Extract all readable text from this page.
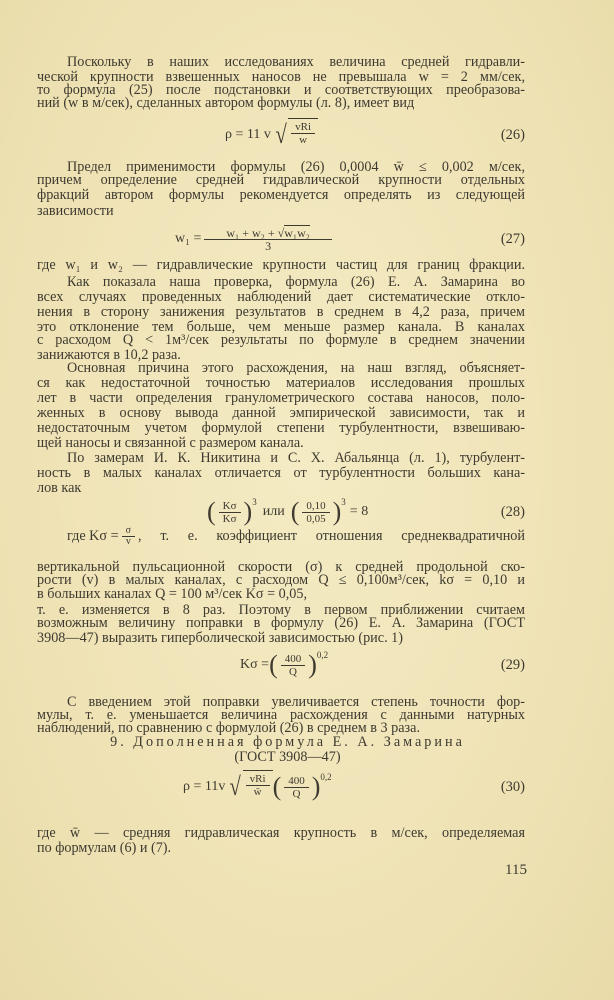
Поскольку в наших исследованиях величина средней гидравли-
ческой крупности взвешенных наносов не превышала w = 2 мм/сек,
то формула (25) после подстановки и соответствующих преобразова-
ний (w в м/сек), сделанных автором формулы (л. 8), имеет вид
ρ = 11 v √ $\frac{\text{vRi}}{w}$	(26)
Предел применимости формулы (26) 0,0004 w̄ ≤ 0,002 м/сек,
причем определение средней гидравлической крупности отдельных
фракций автором формулы рекомендуется определять из следующей
зависимости
$w_1 = \frac{\text{w₁ + w₂ + √w₁w₂}}{3}$	(27)
где w₁ и w₂ — гидравлические крупности частиц для границ фракции.
Как показала наша проверка, формула (26) Е. А. Замарина во
всех случаях проведенных наблюдений дает систематические откло-
нения в сторону занижения результатов в среднем в 4,2 раза, причем
это отклонение тем больше, чем меньше размер канала. В каналах
с расходом Q < 1м³/сек результаты по формуле в среднем значении
занижаются в 10,2 раза.
Основная причина этого расхождения, на наш взгляд, объясняет-
ся как недостаточной точностью материалов исследования прошлых
лет в части определения гранулометрического состава наносов, поло-
женных в основу вывода данной эмпирической зависимости, так и
недостаточным учетом формулой степени турбулентности, взвешиваю-
щей наносы и связанной с размером канала.
По замерам И. К. Никитина и С. Х. Абальянца (л. 1), турбулент-
ность в малых каналах отличается от турбулентности больших кана-
лов как
( $\frac{K\sigma}{K\sigma} )^3$
или ( $\frac{0,10}{0,05} )^3$
= 8	(28)
где $K\sigma = \frac{\sigma}{v}$ , т. е. коэффициент отношения среднеквадратичной
вертикальной пульсационной скорости (σ) к средней продольной ско-
рости (v) в малых каналах, с расходом Q ≤ 0,100м³/сек, kσ = 0,10 и
в больших каналах Q = 100 м³/сек Kσ = 0,05,
т. е. изменяется в 8 раз. Поэтому в первом приближении считаем
возможным величину поправки в формулу (26) Е. А. Замарина (ГОСТ
3908—47) выразить гиперболической зависимостью (рис. 1)
Kσ = ( $\frac{400}{Q} )^{0,2}$
(29)
С введением этой поправки увеличивается степень точности фор-
мулы, т. е. уменьшается величина расхождения с данными натурных
наблюдений, по сравнению с формулой (26) в среднем в 3 раза.
9. Дополненная формула Е. А. Замарина
(ГОСТ 3908—47)
ρ = 11v √ $\frac{\text{vRi}}{w̄}$ ( $\frac{400}{Q} )^{0,2}$
(30)
где w̄ — средняя гидравлическая крупность в м/сек, определяемая
по формулам (6) и (7).
115
